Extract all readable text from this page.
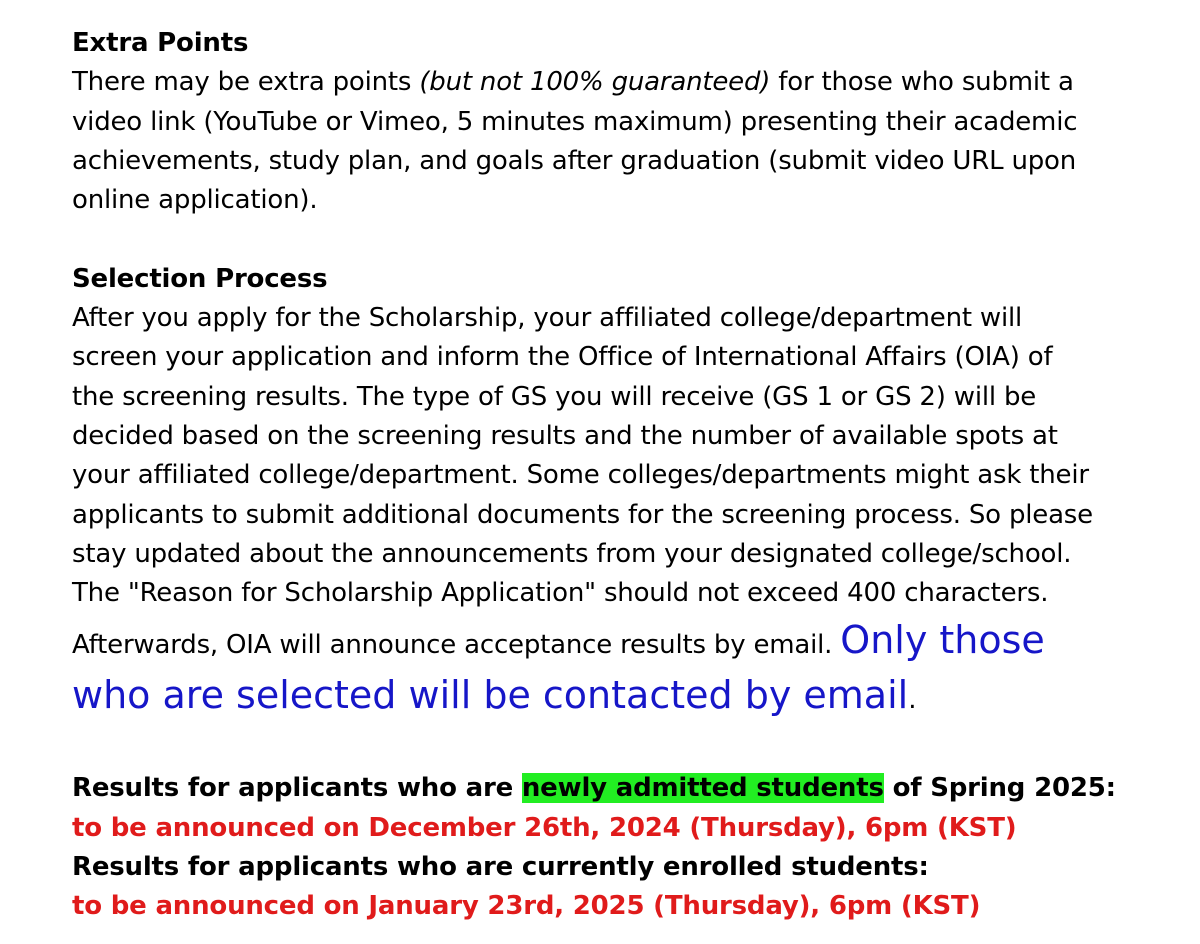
Extra Points
There may be extra points (but not 100% guaranteed) for those who submit a
video link (YouTube or Vimeo, 5 minutes maximum) presenting their academic
achievements, study plan, and goals after graduation (submit video URL upon
online application).
Selection Process
After you apply for the Scholarship, your affiliated college/department will
screen your application and inform the Office of International Affairs (OIA) of
the screening results. The type of GS you will receive (GS 1 or GS 2) will be
decided based on the screening results and the number of available spots at
your affiliated college/department. Some colleges/departments might ask their
applicants to submit additional documents for the screening process. So please
stay updated about the announcements from your designated college/school.
The "Reason for Scholarship Application" should not exceed 400 characters.
Afterwards, OIA will announce acceptance results by email. Only those
who are selected will be contacted by email.
Results for applicants who are newly admitted students of Spring 2025:
to be announced on December 26th, 2024 (Thursday), 6pm (KST)
Results for applicants who are currently enrolled students:
to be announced on January 23rd, 2025 (Thursday), 6pm (KST)
